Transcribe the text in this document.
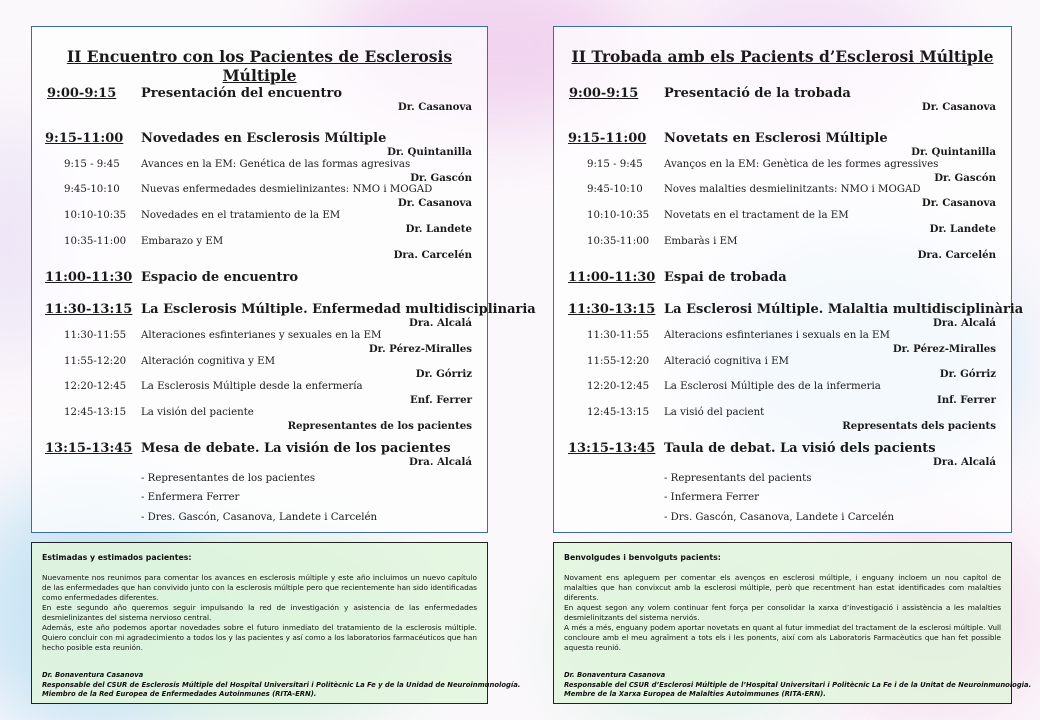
II Encuentro con los Pacientes de Esclerosis Múltiple
9:00-9:15 Presentación del encuentro
Dr. Casanova
9:15-11:00 Novedades en Esclerosis Múltiple
Dr. Quintanilla
9:15 - 9:45 Avances en la EM: Genética de las formas agresivas
Dr. Gascón
9:45-10:10 Nuevas enfermedades desmielinizantes: NMO i MOGAD
Dr. Casanova
10:10-10:35 Novedades en el tratamiento de la EM
Dr. Landete
10:35-11:00 Embarazo y EM
Dra. Carcelén
11:00-11:30 Espacio de encuentro
11:30-13:15 La Esclerosis Múltiple. Enfermedad multidisciplinaria
Dra. Alcalá
11:30-11:55 Alteraciones esfinterianes y sexuales en la EM
Dr. Pérez-Miralles
11:55-12:20 Alteración cognitiva y EM
Dr. Górriz
12:20-12:45 La Esclerosis Múltiple desde la enfermería
Enf. Ferrer
12:45-13:15 La visión del paciente
Representantes de los pacientes
13:15-13:45 Mesa de debate. La visión de los pacientes
Dra. Alcalá
- Representantes de los pacientes
- Enfermera Ferrer
- Dres. Gascón, Casanova, Landete i Carcelén
II Trobada amb els Pacients d’Esclerosi Múltiple
9:00-9:15 Presentació de la trobada
Dr. Casanova
9:15-11:00 Novetats en Esclerosi Múltiple
Dr. Quintanilla
9:15 - 9:45 Avanços en la EM: Genètica de les formes agressives
Dr. Gascón
9:45-10:10 Noves malalties desmielinitzants: NMO i MOGAD
Dr. Casanova
10:10-10:35 Novetats en el tractament de la EM
Dr. Landete
10:35-11:00 Embaràs i EM
Dra. Carcelén
11:00-11:30 Espai de trobada
11:30-13:15 La Esclerosi Múltiple. Malaltia multidisciplinària
Dra. Alcalá
11:30-11:55 Alteracions esfinterianes i sexuals en la EM
Dr. Pérez-Miralles
11:55-12:20 Alteració cognitiva i EM
Dr. Górriz
12:20-12:45 La Esclerosi Múltiple des de la infermeria
Inf. Ferrer
12:45-13:15 La visió del pacient
Representats dels pacients
13:15-13:45 Taula de debat. La visió dels pacients
Dra. Alcalá
- Representants del pacients
- Infermera Ferrer
- Drs. Gascón, Casanova, Landete i Carcelén
Estimadas y estimados pacientes:
Nuevamente nos reunimos para comentar los avances en esclerosis múltiple y este año incluimos un nuevo capítulo de las enfermedades que han convivido junto con la esclerosis múltiple pero que recientemente han sido identificadas como enfermedades diferentes.
En este segundo año queremos seguir impulsando la red de investigación y asistencia de las enfermedades desmielinizantes del sistema nervioso central.
Además, este año podemos aportar novedades sobre el futuro inmediato del tratamiento de la esclerosis múltiple. Quiero concluir con mi agradecimiento a todos los y las pacientes y así como a los laboratorios farmacéuticos que han hecho posible esta reunión.
Dr. Bonaventura Casanova
Responsable del CSUR de Esclerosis Múltiple del Hospital Universitari i Politècnic La Fe y de la Unidad de Neuroinmunología.
Miembro de la Red Europea de Enfermedades Autoinmunes (RITA-ERN).
Benvolgudes i benvolguts pacients:
Novament ens apleguem per comentar els avenços en esclerosi múltiple, i enguany incloem un nou capítol de malalties que han convixcut amb la esclerosi múltiple, però que recentment han estat identificades com malalties diferents.
En aquest segon any volem continuar fent força per consolidar la xarxa d’investigació i assistència a les malalties desmielinitzants del sistema nerviós.
A més a més, enguany podem aportar novetats en quant al futur immediat del tractament de la esclerosi múltiple. Vull concloure amb el meu agraïment a tots els i les ponents, així com als Laboratoris Farmacèutics que han fet possible aquesta reunió.
Dr. Bonaventura Casanova
Responsable del CSUR d’Esclerosi Múltiple de l’Hospital Universitari i Politècnic La Fe i de la Unitat de Neuroinmunologia.
Membre de la Xarxa Europea de Malalties Autoimmunes (RITA-ERN).
